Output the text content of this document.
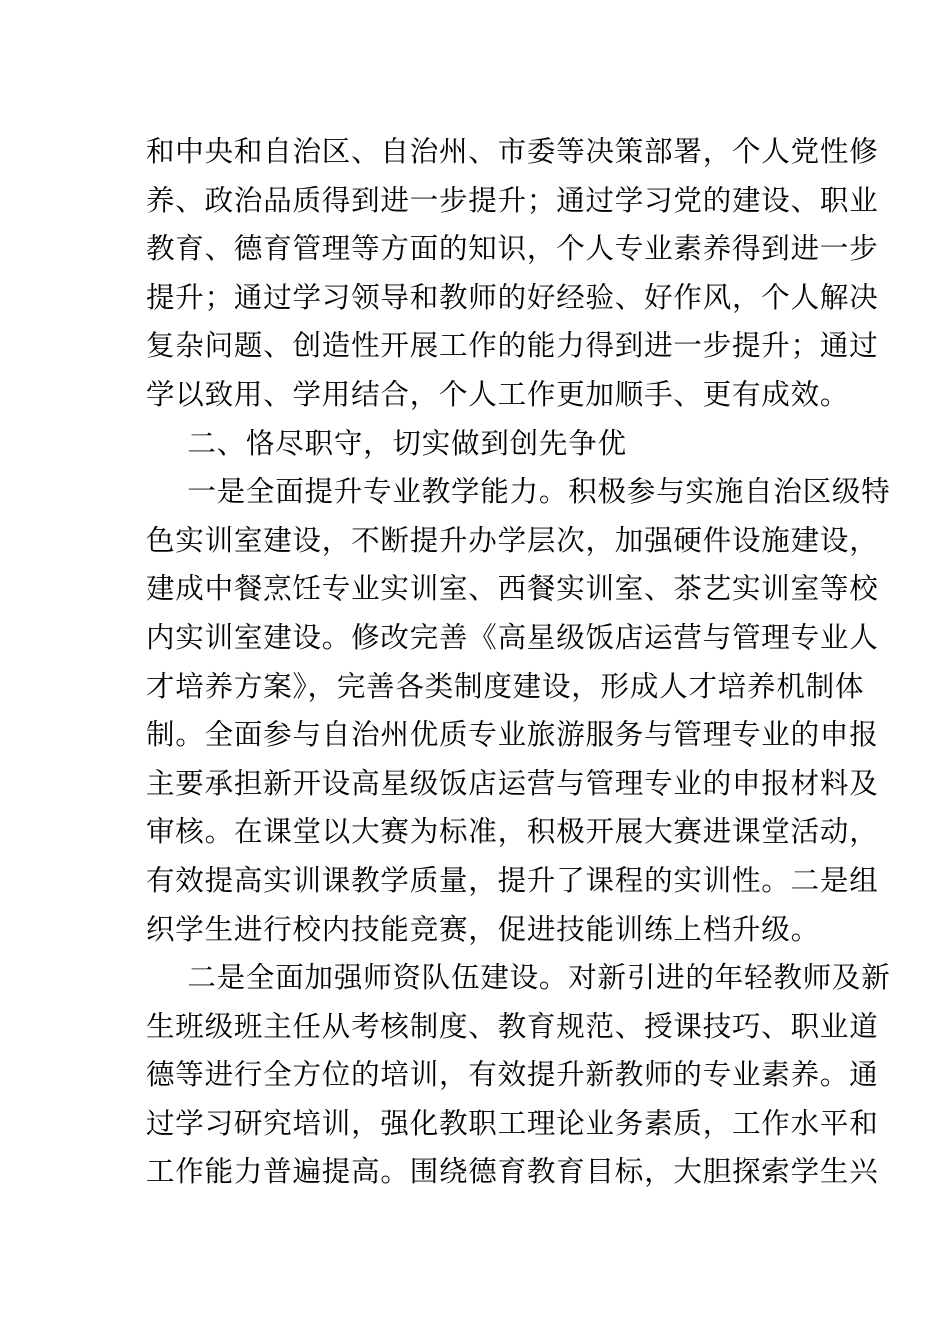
和中央和自治区、自治州、市委等决策部署，个人党性修
养、政治品质得到进一步提升；通过学习党的建设、职业
教育、德育管理等方面的知识，个人专业素养得到进一步
提升；通过学习领导和教师的好经验、好作风，个人解决
复杂问题、创造性开展工作的能力得到进一步提升；通过
学以致用、学用结合，个人工作更加顺手、更有成效。
二、恪尽职守，切实做到创先争优
一是全面提升专业教学能力。积极参与实施自治区级特
色实训室建设，不断提升办学层次，加强硬件设施建设，
建成中餐烹饪专业实训室、西餐实训室、茶艺实训室等校
内实训室建设。修改完善《高星级饭店运营与管理专业人
才培养方案》，完善各类制度建设，形成人才培养机制体
制。全面参与自治州优质专业旅游服务与管理专业的申报
主要承担新开设高星级饭店运营与管理专业的申报材料及
审核。在课堂以大赛为标准，积极开展大赛进课堂活动，
有效提高实训课教学质量，提升了课程的实训性。二是组
织学生进行校内技能竞赛，促进技能训练上档升级。
二是全面加强师资队伍建设。对新引进的年轻教师及新
生班级班主任从考核制度、教育规范、授课技巧、职业道
德等进行全方位的培训，有效提升新教师的专业素养。通
过学习研究培训，强化教职工理论业务素质，工作水平和
工作能力普遍提高。围绕德育教育目标，大胆探索学生兴
